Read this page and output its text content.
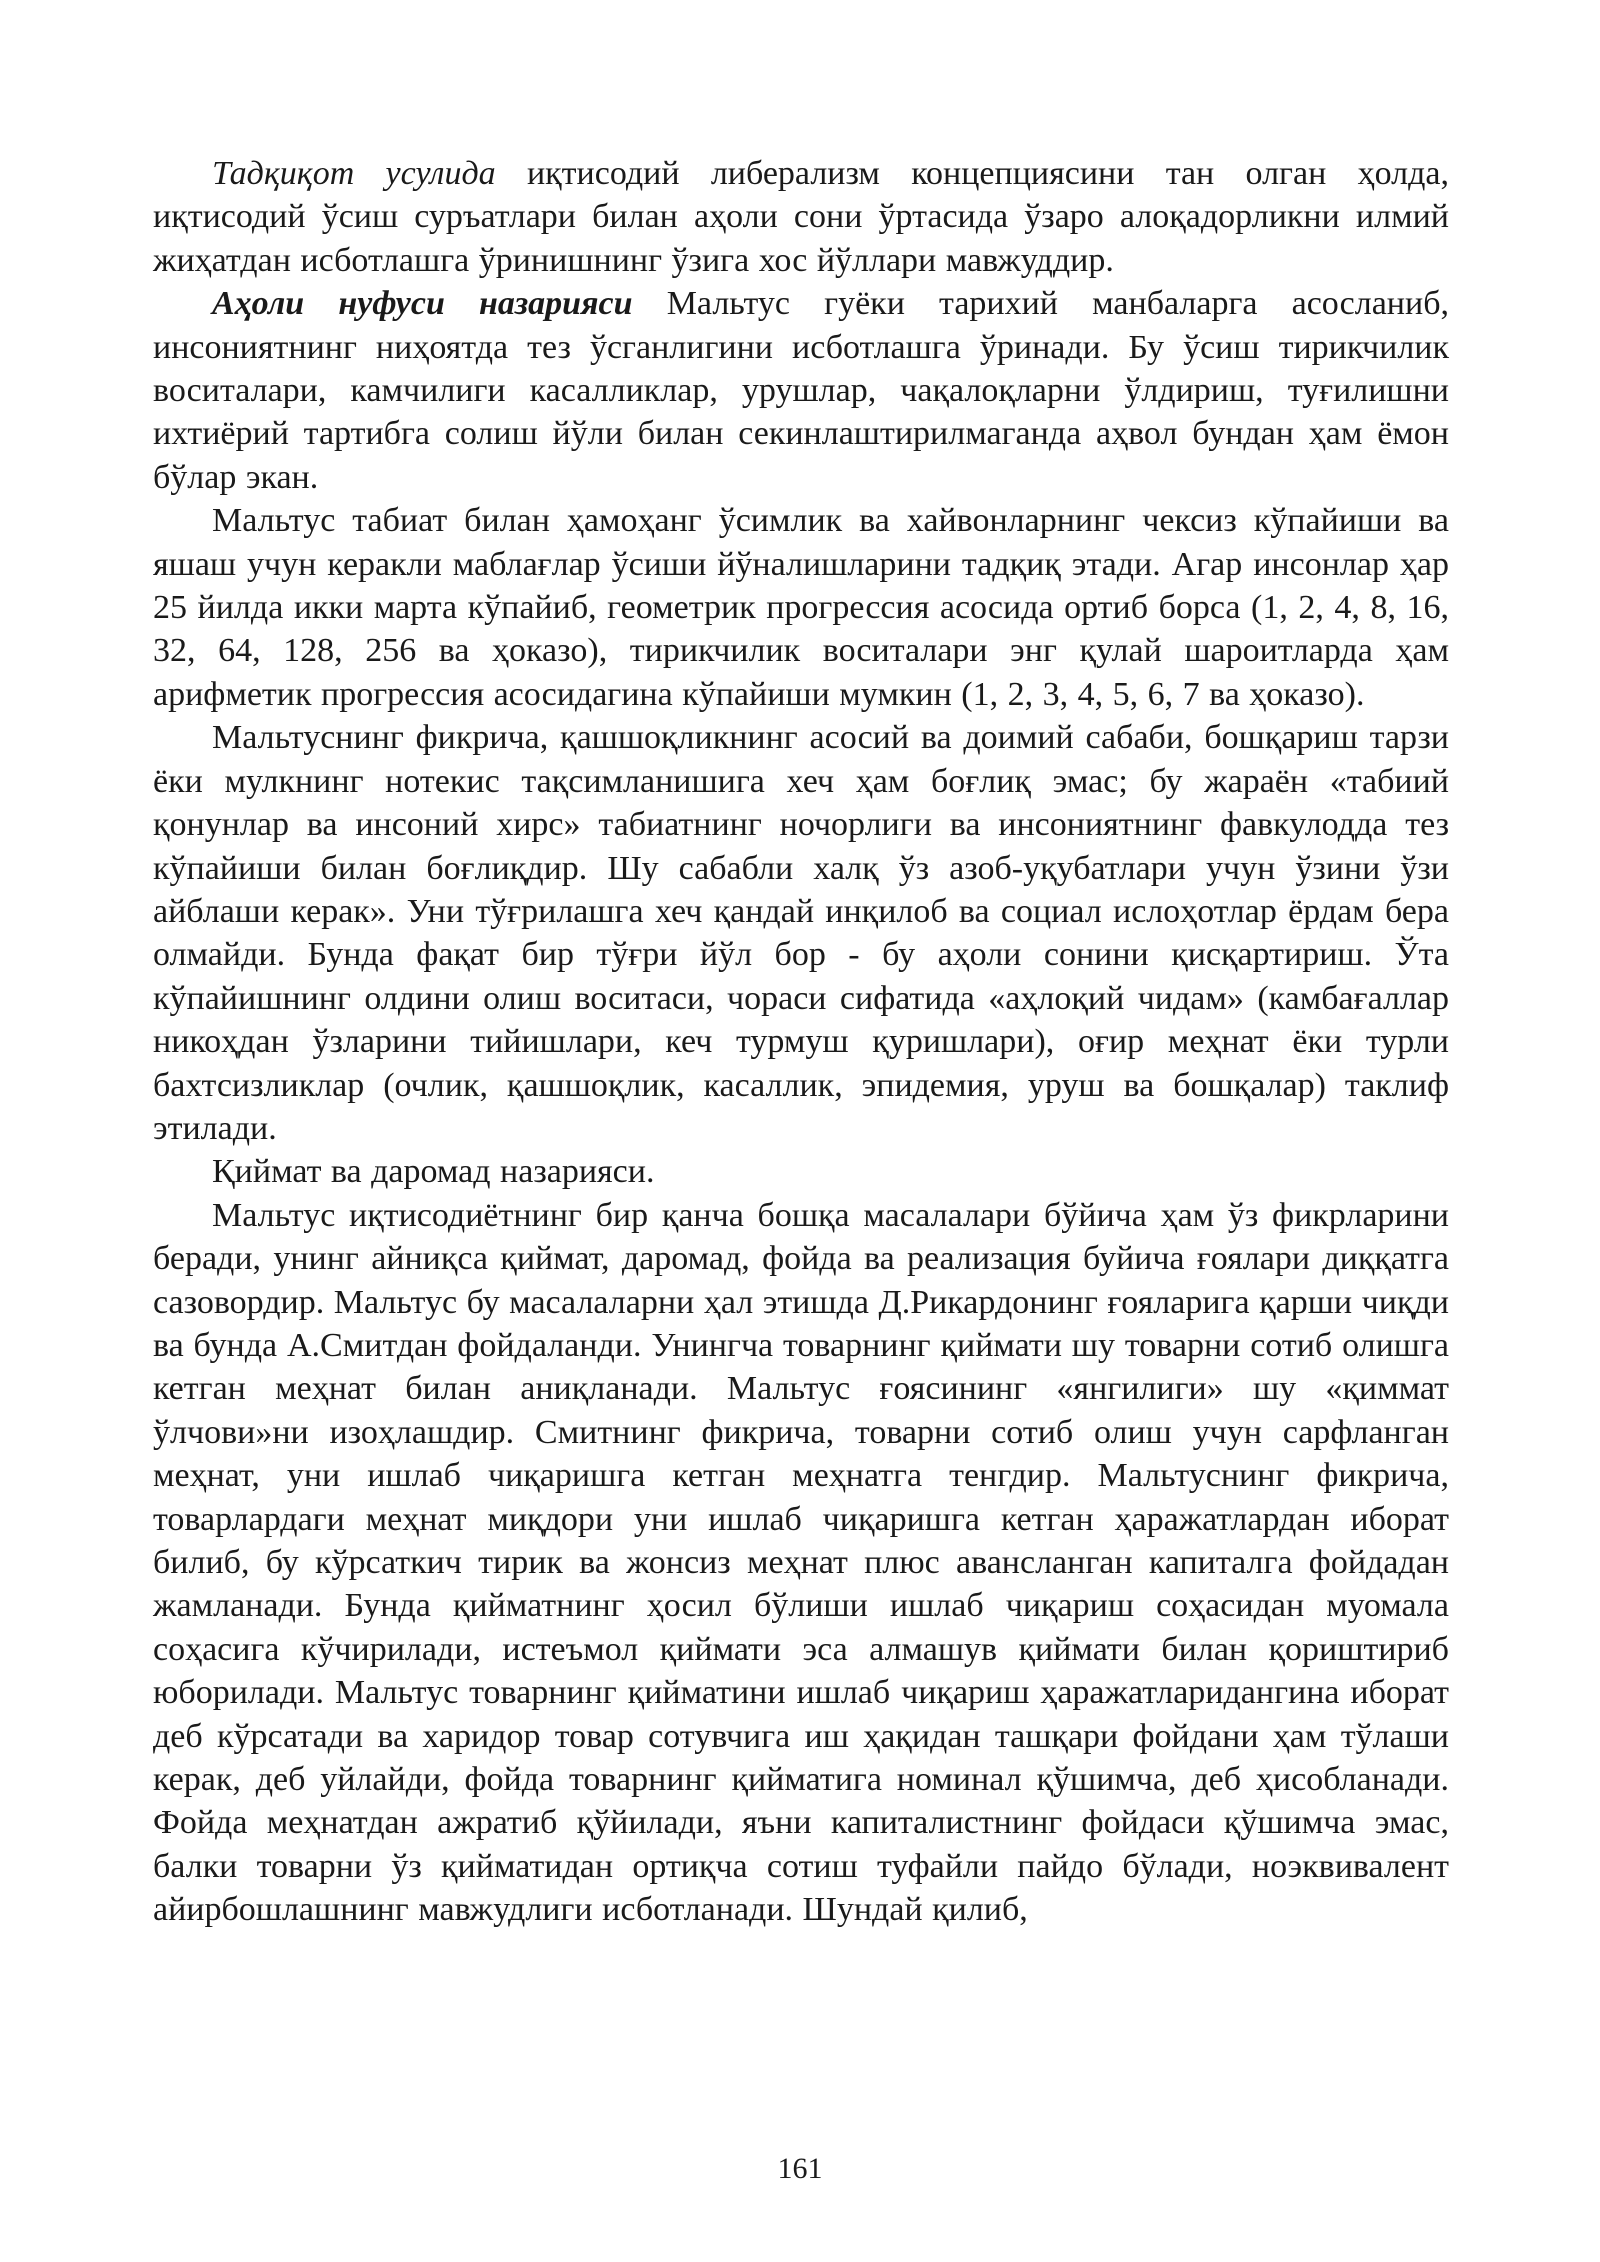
Тадқиқот усулида иқтисодий либерализм концепциясини тан олган ҳолда, иқтисодий ўсиш суръатлари билан аҳоли сони ўртасида ўзаро алоқадорликни илмий жиҳатдан исботлашга ўринишнинг ўзига хос йўллари мавжуддир.

Аҳоли нуфуси назарияси Мальтус гуёки тарихий манбаларга асосланиб, инсониятнинг ниҳоятда тез ўсганлигини исботлашга ўринади. Бу ўсиш тирикчилик воситалари, камчилиги касалликлар, урушлар, чақалоқларни ўлдириш, туғилишни ихтиёрий тартибга солиш йўли билан секинлаштирилмаганда аҳвол бундан ҳам ёмон бўлар экан.

Мальтус табиат билан ҳамоҳанг ўсимлик ва хайвонларнинг чексиз кўпайиши ва яшаш учун керакли маблағлар ўсиши йўналишларини тадқиқ этади. Агар инсонлар ҳар 25 йилда икки марта кўпайиб, геометрик прогрессия асосида ортиб борса (1, 2, 4, 8, 16, 32, 64, 128, 256 ва ҳоказо), тирикчилик воситалари энг қулай шароитларда ҳам арифметик прогрессия асосидагина кўпайиши мумкин (1, 2, 3, 4, 5, 6, 7 ва ҳоказо).

Мальтуснинг фикрича, қашшоқликнинг асосий ва доимий сабаби, бошқариш тарзи ёки мулкнинг нотекис тақсимланишига хеч ҳам боғлиқ эмас; бу жараён «табиий қонунлар ва инсоний хирс» табиатнинг ночорлиги ва инсониятнинг фавкулодда тез кўпайиши билан боғлиқдир. Шу сабабли халқ ўз азоб-уқубатлари учун ўзини ўзи айблаши керак». Уни тўғрилашга хеч қандай инқилоб ва социал ислоҳотлар ёрдам бера олмайди. Бунда фақат бир тўғри йўл бор - бу аҳоли сонини қисқартириш. Ўта кўпайишнинг олдини олиш воситаси, чораси сифатида «аҳлоқий чидам» (камбағаллар никоҳдан ўзларини тийишлари, кеч турмуш қуришлари), оғир меҳнат ёки турли бахтсизликлар (очлик, қашшоқлик, касаллик, эпидемия, уруш ва бошқалар) таклиф этилади.

Қиймат ва даромад назарияси.

Мальтус иқтисодиётнинг бир қанча бошқа масалалари бўйича ҳам ўз фикрларини беради, унинг айниқса қиймат, даромад, фойда ва реализация буйича ғоялари диққатга сазовордир. Мальтус бу масалаларни ҳал этишда Д.Рикардонинг ғояларига қарши чиқди ва бунда А.Смитдан фойдаланди. Унингча товарнинг қиймати шу товарни сотиб олишга кетган меҳнат билан аниқланади. Мальтус ғоясининг «янгилиги» шу «қиммат ўлчови»ни изоҳлашдир. Смитнинг фикрича, товарни сотиб олиш учун сарфланган меҳнат, уни ишлаб чиқаришга кетган меҳнатга тенгдир. Мальтуснинг фикрича, товарлардаги меҳнат миқдори уни ишлаб чиқаришга кетган ҳаражатлардан иборат билиб, бу кўрсаткич тирик ва жонсиз меҳнат плюс авансланган капиталга фойдадан жамланади. Бунда қийматнинг ҳосил бўлиши ишлаб чиқариш соҳасидан муомала соҳасига кўчирилади, истеъмол қиймати эса алмашув қиймати билан қориштириб юборилади. Мальтус товарнинг қийматини ишлаб чиқариш ҳаражатларидангина иборат деб кўрсатади ва харидор товар сотувчига иш ҳақидан ташқари фойдани ҳам тўлаши керак, деб уйлайди, фойда товарнинг қийматига номинал қўшимча, деб ҳисобланади. Фойда меҳнатдан ажратиб қўйилади, яъни капиталистнинг фойдаси қўшимча эмас, балки товарни ўз қийматидан ортиқча сотиш туфайли пайдо бўлади, ноэквивалент айирбошлашнинг мавжудлиги исботланади. Шундай қилиб,

161
